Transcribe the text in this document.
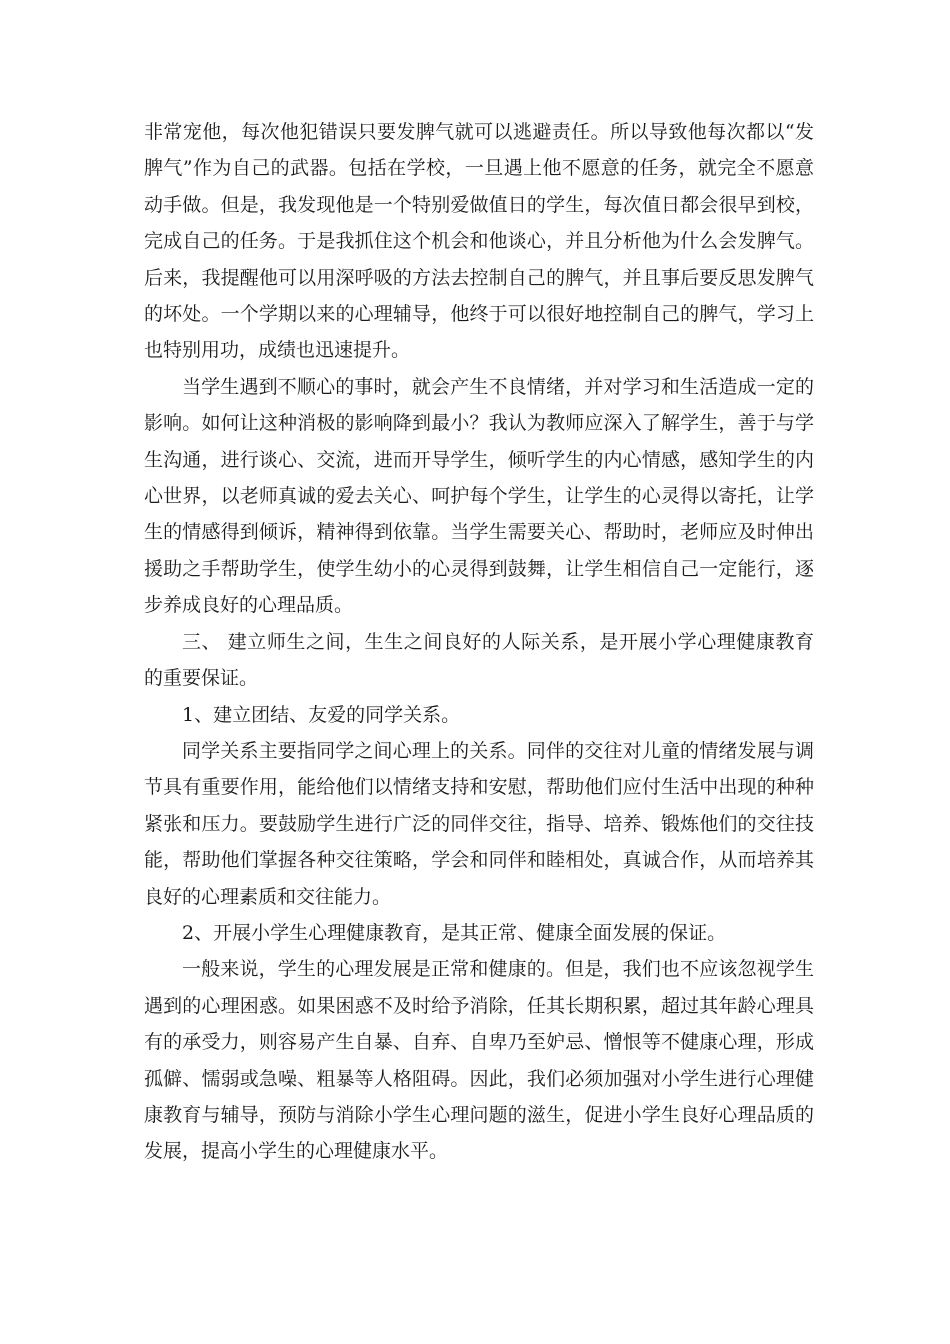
非常宠他，每次他犯错误只要发脾气就可以逃避责任。所以导致他每次都以“发脾气”作为自己的武器。包括在学校，一旦遇上他不愿意的任务，就完全不愿意动手做。但是，我发现他是一个特别爱做值日的学生，每次值日都会很早到校，完成自己的任务。于是我抓住这个机会和他谈心，并且分析他为什么会发脾气。后来，我提醒他可以用深呼吸的方法去控制自己的脾气，并且事后要反思发脾气的坏处。一个学期以来的心理辅导，他终于可以很好地控制自己的脾气，学习上也特别用功，成绩也迅速提升。

当学生遇到不顺心的事时，就会产生不良情绪，并对学习和生活造成一定的影响。如何让这种消极的影响降到最小？我认为教师应深入了解学生，善于与学生沟通，进行谈心、交流，进而开导学生，倾听学生的内心情感，感知学生的内心世界，以老师真诚的爱去关心、呵护每个学生，让学生的心灵得以寄托，让学生的情感得到倾诉，精神得到依靠。当学生需要关心、帮助时，老师应及时伸出援助之手帮助学生，使学生幼小的心灵得到鼓舞，让学生相信自己一定能行，逐步养成良好的心理品质。

三、 建立师生之间，生生之间良好的人际关系，是开展小学心理健康教育的重要保证。

1、建立团结、友爱的同学关系。

同学关系主要指同学之间心理上的关系。同伴的交往对儿童的情绪发展与调节具有重要作用，能给他们以情绪支持和安慰，帮助他们应付生活中出现的种种紧张和压力。要鼓励学生进行广泛的同伴交往，指导、培养、锻炼他们的交往技能，帮助他们掌握各种交往策略，学会和同伴和睦相处，真诚合作，从而培养其良好的心理素质和交往能力。

2、开展小学生心理健康教育，是其正常、健康全面发展的保证。

一般来说，学生的心理发展是正常和健康的。但是，我们也不应该忽视学生遇到的心理困惑。如果困惑不及时给予消除，任其长期积累，超过其年龄心理具有的承受力，则容易产生自暴、自弃、自卑乃至妒忌、憎恨等不健康心理，形成孤僻、懦弱或急噪、粗暴等人格阻碍。因此，我们必须加强对小学生进行心理健康教育与辅导，预防与消除小学生心理问题的滋生，促进小学生良好心理品质的发展，提高小学生的心理健康水平。
